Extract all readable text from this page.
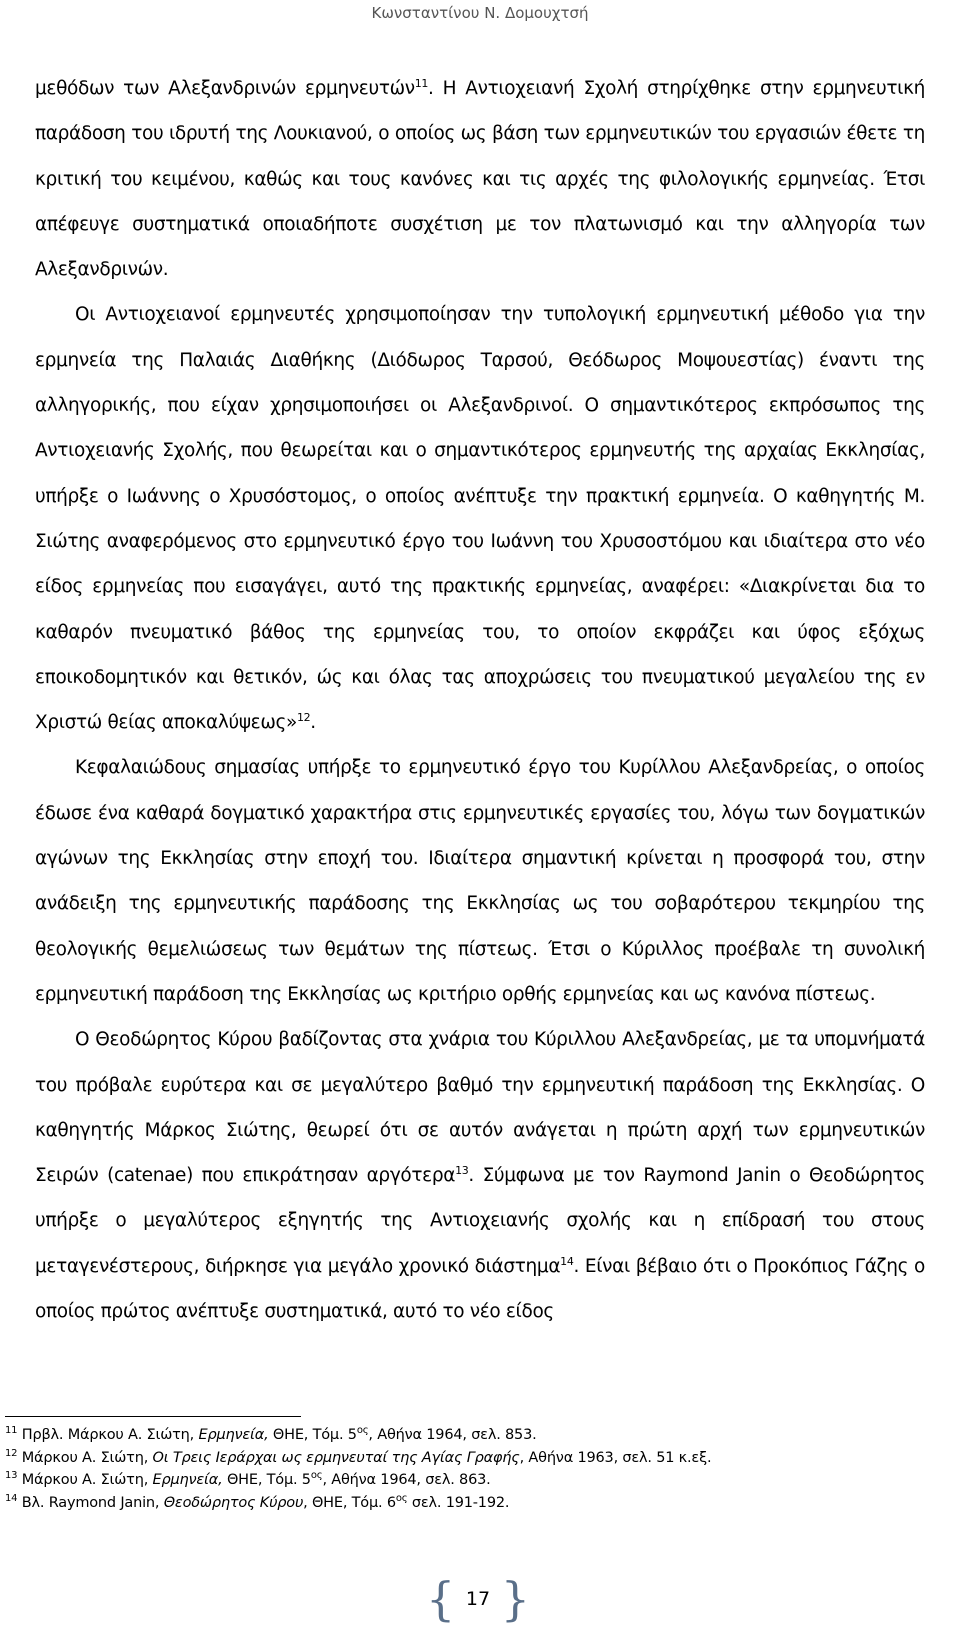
Κωνσταντίνου Ν. Δομουχτσή

μεθόδων των Αλεξανδρινών ερμηνευτών$^{11}$. Η Αντιοχειανή Σχολή στηρίχθηκε στην ερμηνευτική παράδοση του ιδρυτή της Λουκιανού, ο οποίος ως βάση των ερμηνευτικών του εργασιών έθετε τη κριτική του κειμένου, καθώς και τους κανόνες και τις αρχές της φιλολογικής ερμηνείας. Έτσι απέφευγε συστηματικά οποιαδήποτε συσχέτιση με τον πλατωνισμό και την αλληγορία των Αλεξανδρινών.

Οι Αντιοχειανοί ερμηνευτές χρησιμοποίησαν την τυπολογική ερμηνευτική μέθοδο για την ερμηνεία της Παλαιάς Διαθήκης (Διόδωρος Ταρσού, Θεόδωρος Μοψουεστίας) έναντι της αλληγορικής, που είχαν χρησιμοποιήσει οι Αλεξανδρινοί. Ο σημαντικότερος εκπρόσωπος της Αντιοχειανής Σχολής, που θεωρείται και ο σημαντικότερος ερμηνευτής της αρχαίας Εκκλησίας, υπήρξε ο Ιωάννης ο Χρυσόστομος, ο οποίος ανέπτυξε την πρακτική ερμηνεία. Ο καθηγητής Μ. Σιώτης αναφερόμενος στο ερμηνευτικό έργο του Ιωάννη του Χρυσοστόμου και ιδιαίτερα στο νέο είδος ερμηνείας που εισαγάγει, αυτό της πρακτικής ερμηνείας, αναφέρει: «Διακρίνεται δια το καθαρόν πνευματικό βάθος της ερμηνείας του, το οποίον εκφράζει και ύφος εξόχως εποικοδομητικόν και θετικόν, ώς και όλας τας αποχρώσεις του πνευματικού μεγαλείου της εν Χριστώ θείας αποκαλύψεως»$^{12}$.

Κεφαλαιώδους σημασίας υπήρξε το ερμηνευτικό έργο του Κυρίλλου Αλεξανδρείας, ο οποίος έδωσε ένα καθαρά δογματικό χαρακτήρα στις ερμηνευτικές εργασίες του, λόγω των δογματικών αγώνων της Εκκλησίας στην εποχή του. Ιδιαίτερα σημαντική κρίνεται η προσφορά του, στην ανάδειξη της ερμηνευτικής παράδοσης της Εκκλησίας ως του σοβαρότερου τεκμηρίου της θεολογικής θεμελιώσεως των θεμάτων της πίστεως. Έτσι ο Κύριλλος προέβαλε τη συνολική ερμηνευτική παράδοση της Εκκλησίας ως κριτήριο ορθής ερμηνείας και ως κανόνα πίστεως.

Ο Θεοδώρητος Κύρου βαδίζοντας στα χνάρια του Κύριλλου Αλεξανδρείας, με τα υπομνήματά του πρόβαλε ευρύτερα και σε μεγαλύτερο βαθμό την ερμηνευτική παράδοση της Εκκλησίας. Ο καθηγητής Μάρκος Σιώτης, θεωρεί ότι σε αυτόν ανάγεται η πρώτη αρχή των ερμηνευτικών Σειρών (catenae) που επικράτησαν αργότερα$^{13}$. Σύμφωνα με τον Raymond Janin ο Θεοδώρητος υπήρξε ο μεγαλύτερος εξηγητής της Αντιοχειανής σχολής και η επίδρασή του στους μεταγενέστερους, διήρκησε για μεγάλο χρονικό διάστημα$^{14}$. Είναι βέβαιο ότι ο Προκόπιος Γάζης ο οποίος πρώτος ανέπτυξε συστηματικά, αυτό το νέο είδος

$^{11}$ Πρβλ. Μάρκου Α. Σιώτη, Ερμηνεία, ΘΗΕ, Τόμ. $5^{o\varsigma}$, Αθήνα 1964, σελ. 853.
$^{12}$ Μάρκου Α. Σιώτη, Οι Τρεις Ιεράρχαι ως ερμηνευταί της Αγίας Γραφής, Αθήνα 1963, σελ. 51 κ.εξ.
$^{13}$ Μάρκου Α. Σιώτη, Ερμηνεία, ΘΗΕ, Τόμ. $5^{o\varsigma}$, Αθήνα 1964, σελ. 863.
$^{14}$ Βλ. Raymond Janin, Θεοδώρητος Κύρου, ΘΗΕ, Τόμ. $6^{o\varsigma}$ σελ. 191-192.
{ 17 }
